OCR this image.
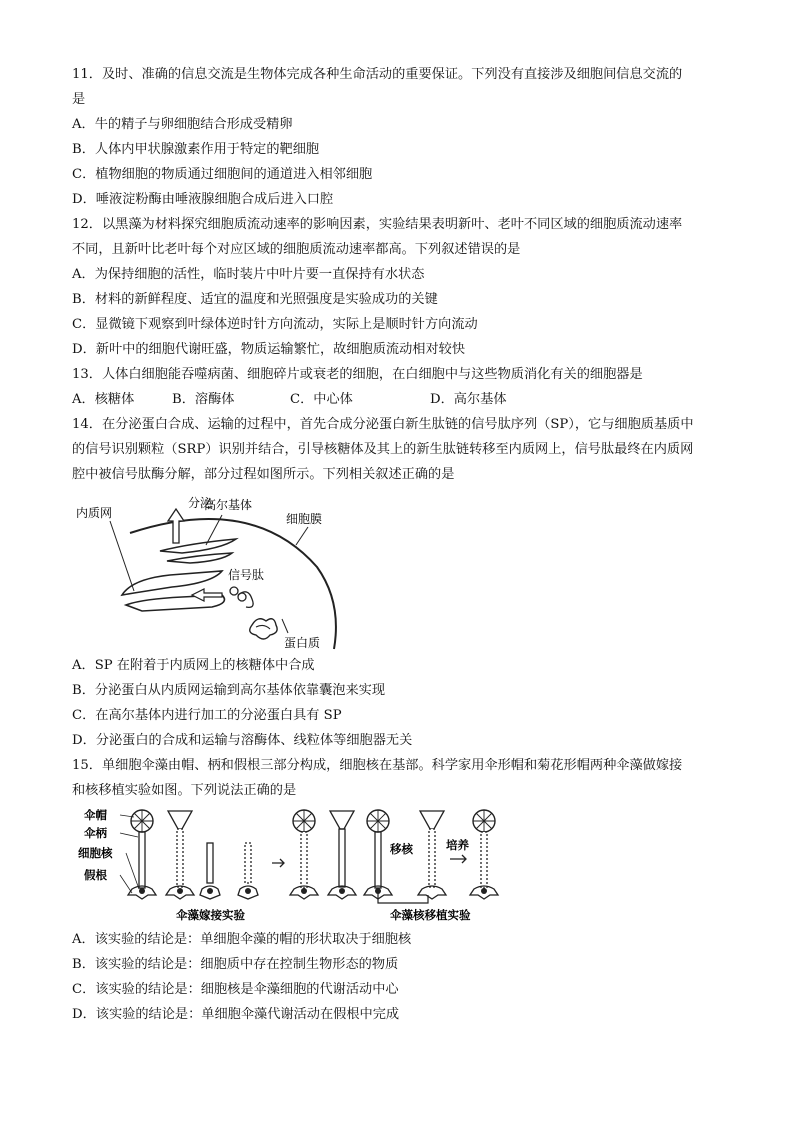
11．及时、准确的信息交流是生物体完成各种生命活动的重要保证。下列没有直接涉及细胞间信息交流的
是
A．牛的精子与卵细胞结合形成受精卵
B．人体内甲状腺激素作用于特定的靶细胞
C．植物细胞的物质通过细胞间的通道进入相邻细胞
D．唾液淀粉酶由唾液腺细胞合成后进入口腔
12．以黑藻为材料探究细胞质流动速率的影响因素，实验结果表明新叶、老叶不同区域的细胞质流动速率
不同，且新叶比老叶每个对应区域的细胞质流动速率都高。下列叙述错误的是
A．为保持细胞的活性，临时装片中叶片要一直保持有水状态
B．材料的新鲜程度、适宜的温度和光照强度是实验成功的关键
C．显微镜下观察到叶绿体逆时针方向流动，实际上是顺时针方向流动
D．新叶中的细胞代谢旺盛，物质运输繁忙，故细胞质流动相对较快
13．人体白细胞能吞噬病菌、细胞碎片或衰老的细胞，在白细胞中与这些物质消化有关的细胞器是
A．核糖体	B．溶酶体	C．中心体	D．高尔基体
14．在分泌蛋白合成、运输的过程中，首先合成分泌蛋白新生肽链的信号肽序列（SP），它与细胞质基质中
的信号识别颗粒（SRP）识别并结合，引导核糖体及其上的新生肽链转移至内质网上，信号肽最终在内质网
腔中被信号肽酶分解，部分过程如图所示。下列相关叙述正确的是
分泌
高尔基体
内质网	细胞膜
信号肽
蛋白质
A．SP 在附着于内质网上的核糖体中合成
B．分泌蛋白从内质网运输到高尔基体依靠囊泡来实现
C．在高尔基体内进行加工的分泌蛋白具有 SP
D．分泌蛋白的合成和运输与溶酶体、线粒体等细胞器无关
15．单细胞伞藻由帽、柄和假根三部分构成，细胞核在基部。科学家用伞形帽和菊花形帽两种伞藻做嫁接
和核移植实验如图。下列说法正确的是
伞帽
伞柄
细胞核
假根
伞藻嫁接实验
移核	培养
伞藻核移植实验
A．该实验的结论是：单细胞伞藻的帽的形状取决于细胞核
B．该实验的结论是：细胞质中存在控制生物形态的物质
C．该实验的结论是：细胞核是伞藻细胞的代谢活动中心
D．该实验的结论是：单细胞伞藻代谢活动在假根中完成
